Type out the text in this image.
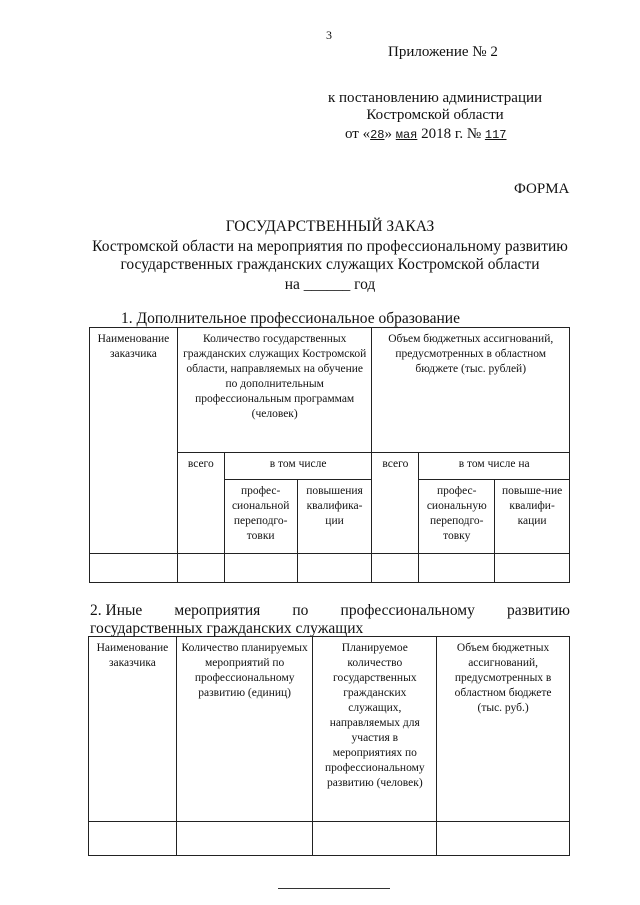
3
Приложение № 2
к постановлению администрации
Костромской области
от «28» мая 2018 г. № 117
ФОРМА
ГОСУДАРСТВЕННЫЙ ЗАКАЗ
Костромской области на мероприятия по профессиональному развитию
государственных гражданских служащих Костромской области
на ______ год
1. Дополнительное профессиональное образование
Наименование заказчика	Количество государственных гражданских служащих Костромской области, направляемых на обучение по дополнительным профессиональным программам (человек)			Объем бюджетных ассигнований, предусмотренных в областном бюджете (тыс. рублей)		
	всего	в том числе		всего	в том числе на	
		профес-сиональной переподго-товки	повышения квалифика-ции		профес-сиональную переподго-товку	повыше-ние квалифи-кации

2. Иные мероприятия по профессиональному развитию
государственных гражданских служащих
Наименование заказчика	Количество планируемых мероприятий по профессиональному развитию (единиц)	Планируемое количество государственных гражданских служащих, направляемых для участия в мероприятиях по профессиональному развитию (человек)	Объем бюджетных ассигнований, предусмотренных в областном бюджете (тыс. руб.)
